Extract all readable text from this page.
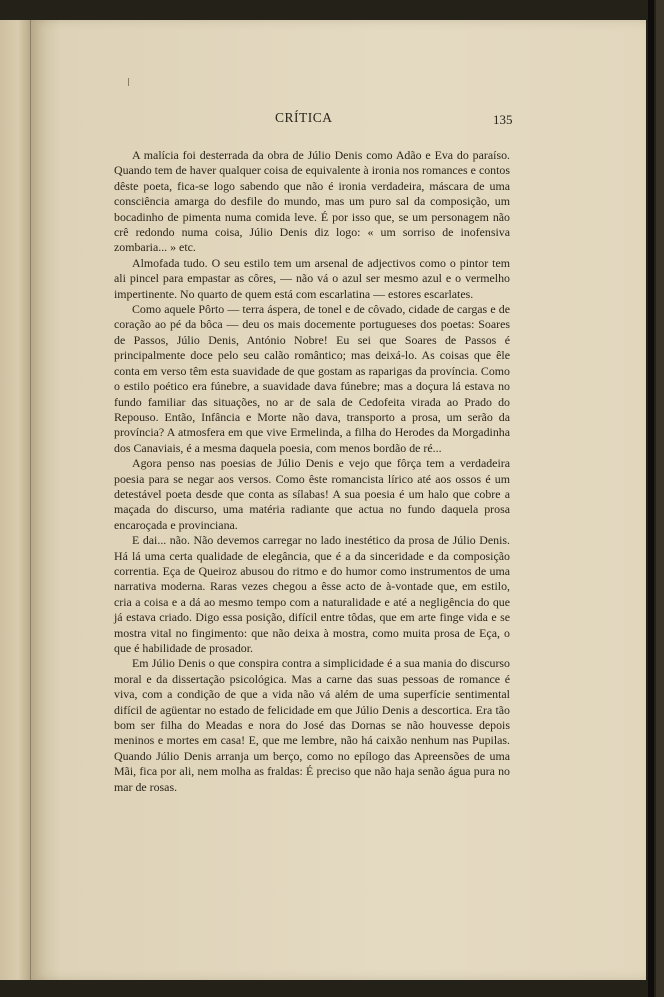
CRÍTICA	135

A malícia foi desterrada da obra de Júlio Denis como Adão e Eva do paraíso. Quando tem de haver qualquer coisa de equivalente à ironia nos romances e contos dêste poeta, fica-se logo sabendo que não é ironia verdadeira, máscara de uma consciência amarga do desfile do mundo, mas um puro sal da composição, um bocadinho de pimenta numa comida leve. É por isso que, se um personagem não crê redondo numa coisa, Júlio Denis diz logo: « um sorriso de inofensiva zombaria... » etc.

Almofada tudo. O seu estilo tem um arsenal de adjectivos como o pintor tem ali pincel para empastar as côres, — não vá o azul ser mesmo azul e o vermelho impertinente. No quarto de quem está com escarlatina — estores escarlates.

Como aquele Pôrto — terra áspera, de tonel e de côvado, cidade de cargas e de coração ao pé da bôca — deu os mais docemente portugueses dos poetas: Soares de Passos, Júlio Denis, António Nobre! Eu sei que Soares de Passos é principalmente doce pelo seu calão romântico; mas deixá-lo. As coisas que êle conta em verso têm esta suavidade de que gostam as raparigas da província. Como o estilo poético era fúnebre, a suavidade dava fúnebre; mas a doçura lá estava no fundo familiar das situações, no ar de sala de Cedofeita virada ao Prado do Repouso. Então, Infância e Morte não dava, transporto a prosa, um serão da província? A atmosfera em que vive Ermelinda, a filha do Herodes da Morgadinha dos Canaviais, é a mesma daquela poesia, com menos bordão de ré...

Agora penso nas poesias de Júlio Denis e vejo que fôrça tem a verdadeira poesia para se negar aos versos. Como êste romancista lírico até aos ossos é um detestável poeta desde que conta as sílabas! A sua poesia é um halo que cobre a maçada do discurso, uma matéria radiante que actua no fundo daquela prosa encaroçada e provinciana.

E dai... não. Não devemos carregar no lado inestético da prosa de Júlio Denis. Há lá uma certa qualidade de elegância, que é a da sinceridade e da composição correntia. Eça de Queiroz abusou do ritmo e do humor como instrumentos de uma narrativa moderna. Raras vezes chegou a êsse acto de à-vontade que, em estilo, cria a coisa e a dá ao mesmo tempo com a naturalidade e até a negligência do que já estava criado. Digo essa posição, difícil entre tôdas, que em arte finge vida e se mostra vital no fingimento: que não deixa à mostra, como muita prosa de Eça, o que é habilidade de prosador.

Em Júlio Denis o que conspira contra a simplicidade é a sua mania do discurso moral e da dissertação psicológica. Mas a carne das suas pessoas de romance é viva, com a condição de que a vida não vá além de uma superfície sentimental difícil de agüentar no estado de felicidade em que Júlio Denis a descortica. Era tão bom ser filha do Meadas e nora do José das Dornas se não houvesse depois meninos e mortes em casa! E, que me lembre, não há caixão nenhum nas Pupilas. Quando Júlio Denis arranja um berço, como no epílogo das Apreensões de uma Mãi, fica por ali, nem molha as fraldas: É preciso que não haja senão água pura no mar de rosas.
